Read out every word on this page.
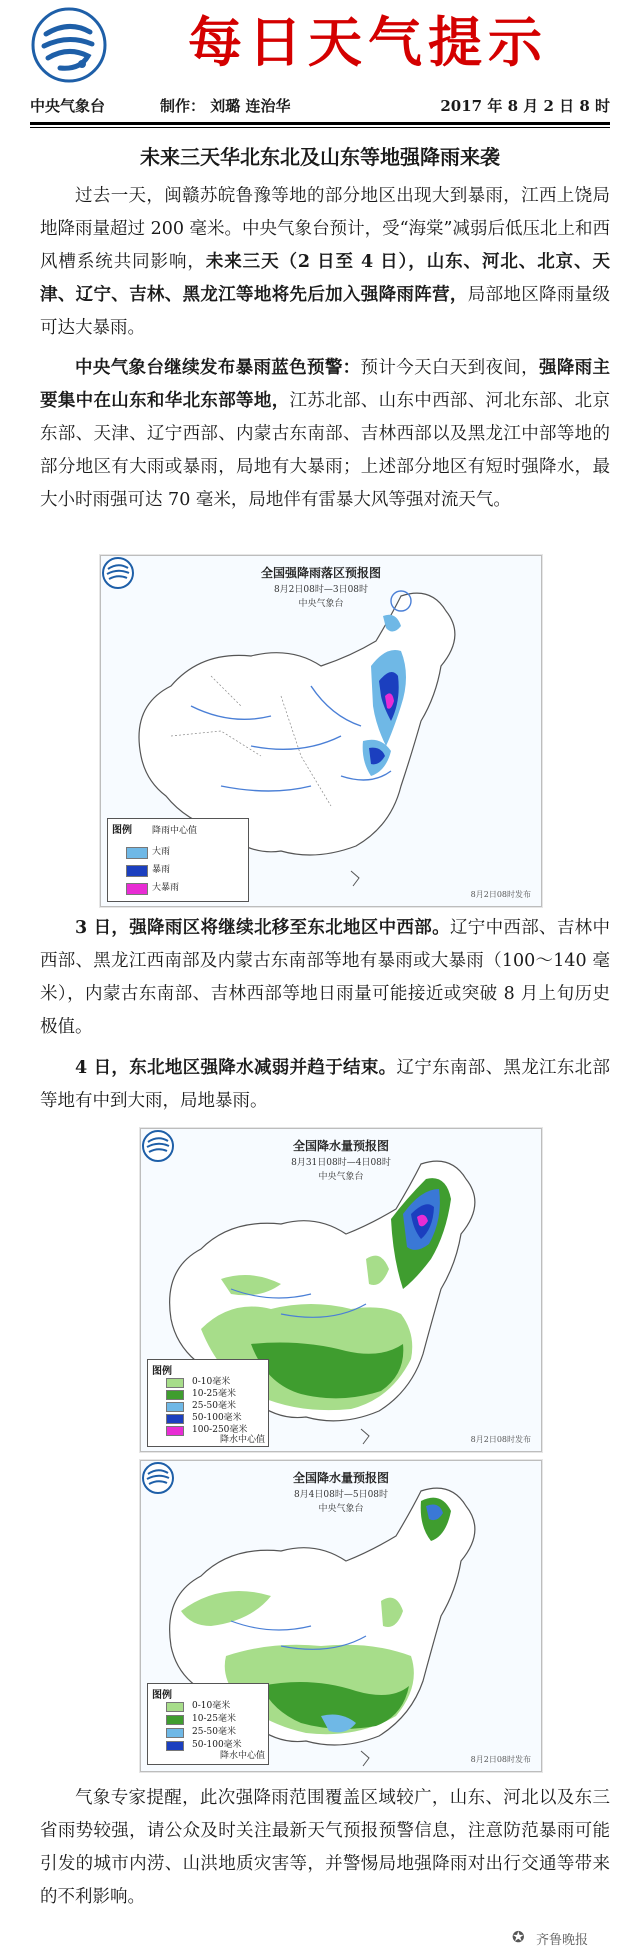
每日天气提示
中央气象台	制作： 刘璐 连治华	2017 年 8 月 2 日 8 时
未来三天华北东北及山东等地强降雨来袭

过去一天，闽赣苏皖鲁豫等地的部分地区出现大到暴雨，江西上饶局地降雨量超过 200 毫米。中央气象台预计，受“海棠”减弱后低压北上和西风槽系统共同影响，未来三天（2 日至 4 日），山东、河北、北京、天津、辽宁、吉林、黑龙江等地将先后加入强降雨阵营，局部地区降雨量级可达大暴雨。

中央气象台继续发布暴雨蓝色预警：预计今天白天到夜间，强降雨主要集中在山东和华北东部等地，江苏北部、山东中西部、河北东部、北京东部、天津、辽宁西部、内蒙古东南部、吉林西部以及黑龙江中部等地的部分地区有大雨或暴雨，局地有大暴雨；上述部分地区有短时强降水，最大小时雨强可达 70 毫米，局地伴有雷暴大风等强对流天气。

全国强降雨落区预报图
8月2日08时—3日08时
中央气象台
图例 降雨中心值
大雨
暴雨
大暴雨
8月2日08时发布

3 日，强降雨区将继续北移至东北地区中西部。辽宁中西部、吉林中西部、黑龙江西南部及内蒙古东南部等地有暴雨或大暴雨（100～140 毫米），内蒙古东南部、吉林西部等地日雨量可能接近或突破 8 月上旬历史极值。

4 日，东北地区强降水减弱并趋于结束。辽宁东南部、黑龙江东北部等地有中到大雨，局地暴雨。

全国降水量预报图
8月31日08时—4日08时
中央气象台
图例
0-10毫米
10-25毫米
25-50毫米
50-100毫米
100-250毫米
降水中心值	8月2日08时发布
全国降水量预报图
8月4日08时—5日08时
中央气象台
图例
0-10毫米
10-25毫米
25-50毫米
50-100毫米
降水中心值	8月2日08时发布

气象专家提醒，此次强降雨范围覆盖区域较广，山东、河北以及东三省雨势较强，请公众及时关注最新天气预报预警信息，注意防范暴雨可能引发的城市内涝、山洪地质灾害等，并警惕局地强降雨对出行交通等带来的不利影响。

✪ 齐鲁晚报
